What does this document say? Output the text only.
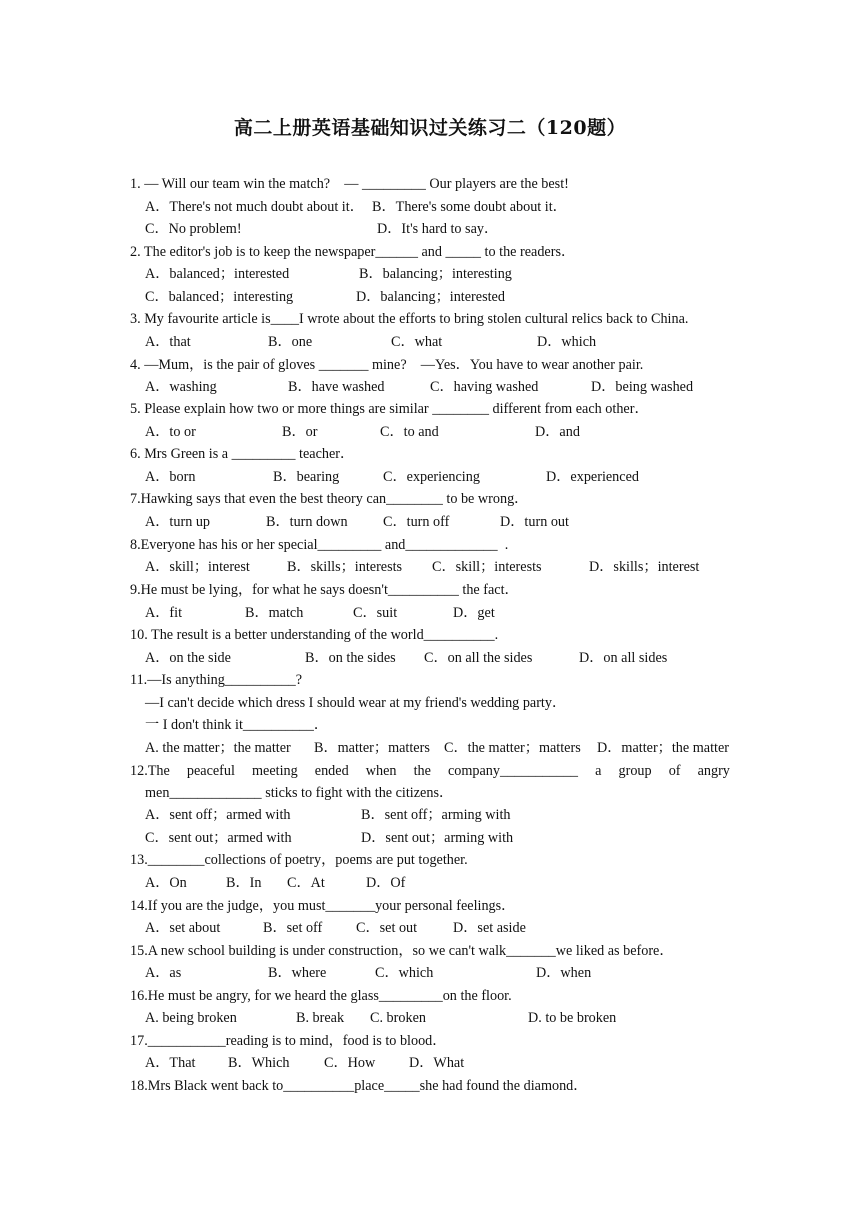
高二上册英语基础知识过关练习二（120题）
1. — Will our team win the match?    — _________ Our players are the best!
A．There's not much doubt about it． B．There's some doubt about it．
C．No problem!	D．It's hard to say．
2. The editor's job is to keep the newspaper______ and _____ to the readers．
A．balanced；interested	B．balancing；interesting
C．balanced；interesting	D．balancing；interested
3. My favourite article is____I wrote about the efforts to bring stolen cultural relics back to China.
A．that	B．one	C．what	D．which
4. —Mum，is the pair of gloves _______ mine?    —Yes．You have to wear another pair.
A．washing	B．have washed	C．having washed	D．being washed
5. Please explain how two or more things are similar ________ different from each other．
A．to or	B．or	C．to and	D．and
6. Mrs Green is a _________ teacher．
A．born	B．bearing	C．experiencing	D．experienced
7.Hawking says that even the best theory can________ to be wrong．
A．turn up	B．turn down C．turn off	D．turn out
8.Everyone has his or her special_________ and_____________  .
A．skill；interest	B．skills；interests C．skill；interests	D．skills；interest
9.He must be lying，for what he says doesn't__________ the fact．
A．fit	B．match	C．suit	D．get
10. The result is a better understanding of the world__________.
A．on the side	B．on the sides C．on all the sides	D．on all sides
11.—Is anything__________?
—I can't decide which dress I should wear at my friend's wedding party．
一 I don't think it__________．
A. the matter；the matter B．matter；matters C．the matter；matters D．matter；the matter
12.The peaceful meeting ended when the company___________ a group of angry
men_____________ sticks to fight with the citizens．
A．sent off；armed with	B．sent off；arming with
C．sent out；armed with	D．sent out；arming with
13.________collections of poetry，poems are put together.
A．On	B．In C．At	D．Of
14.If you are the judge，you must_______your personal feelings．
A．set about	B．set off C．set out	D．set aside
15.A new school building is under construction，so we can't walk_______we liked as before．
A．as	B．where	C．which	D．when
16.He must be angry, for we heard the glass_________on the floor.
A. being broken	B. break C. broken	D. to be broken
17.___________reading is to mind，food is to blood．
A．That B．Which C．How D．What
18.Mrs Black went back to__________place_____she had found the diamond．
